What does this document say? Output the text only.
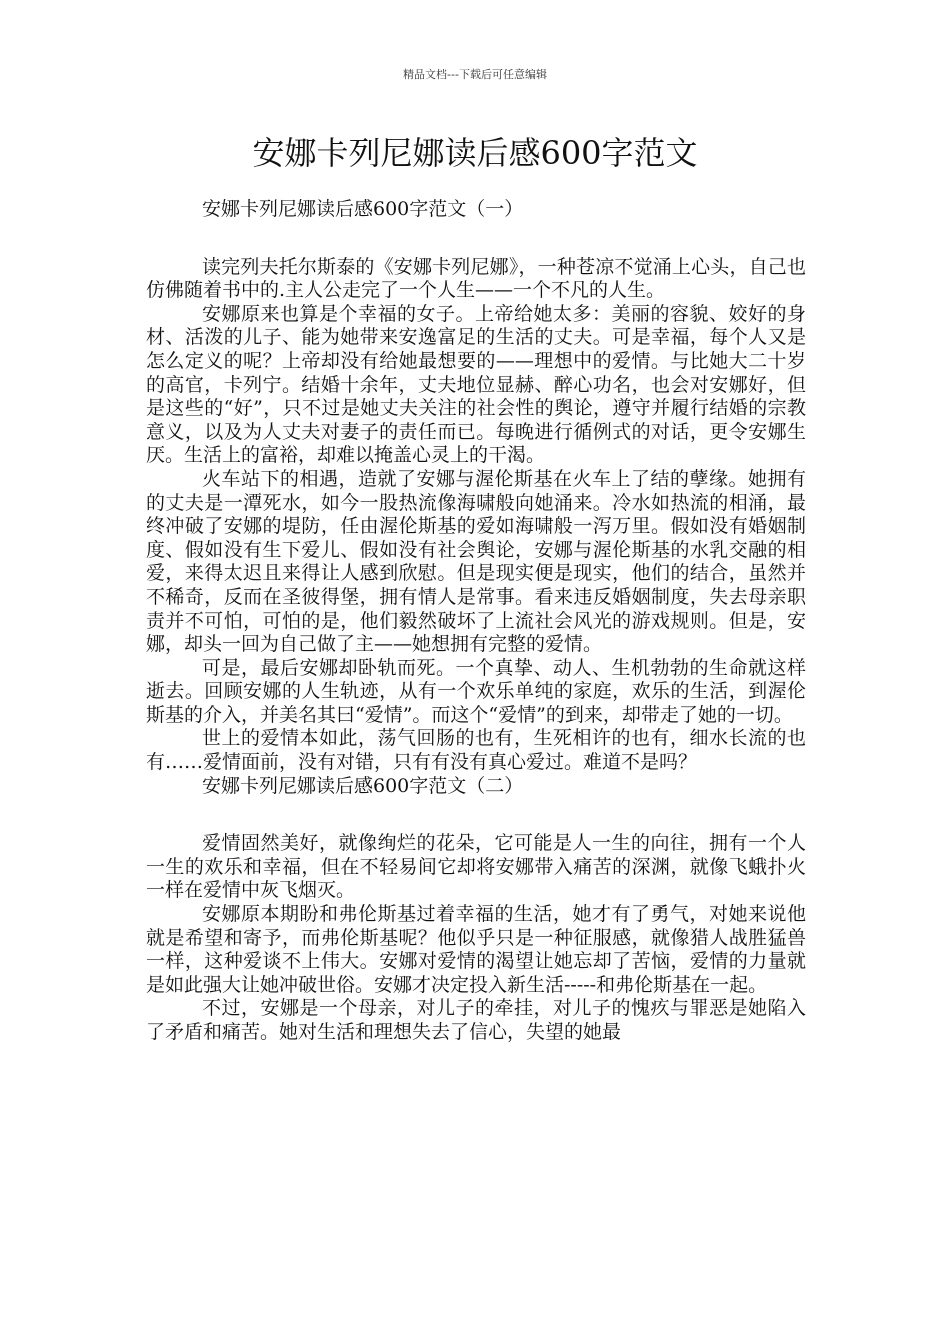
精品文档---下载后可任意编辑
安娜卡列尼娜读后感600字范文

安娜卡列尼娜读后感600字范文（一）

读完列夫托尔斯泰的《安娜卡列尼娜》，一种苍凉不觉涌上心头，自己也仿佛随着书中的.主人公走完了一个人生——一个不凡的人生。

安娜原来也算是个幸福的女子。上帝给她太多：美丽的容貌、姣好的身材、活泼的儿子、能为她带来安逸富足的生活的丈夫。可是幸福，每个人又是怎么定义的呢？上帝却没有给她最想要的——理想中的爱情。与比她大二十岁的高官，卡列宁。结婚十余年，丈夫地位显赫、醉心功名，也会对安娜好，但是这些的“好”，只不过是她丈夫关注的社会性的舆论，遵守并履行结婚的宗教意义，以及为人丈夫对妻子的责任而已。每晚进行循例式的对话，更令安娜生厌。生活上的富裕，却难以掩盖心灵上的干渴。

火车站下的相遇，造就了安娜与渥伦斯基在火车上了结的孽缘。她拥有的丈夫是一潭死水，如今一股热流像海啸般向她涌来。冷水如热流的相涌，最终冲破了安娜的堤防，任由渥伦斯基的爱如海啸般一泻万里。假如没有婚姻制度、假如没有生下爱儿、假如没有社会舆论，安娜与渥伦斯基的水乳交融的相爱，来得太迟且来得让人感到欣慰。但是现实便是现实，他们的结合，虽然并不稀奇，反而在圣彼得堡，拥有情人是常事。看来违反婚姻制度，失去母亲职责并不可怕，可怕的是，他们毅然破坏了上流社会风光的游戏规则。但是，安娜，却头一回为自己做了主——她想拥有完整的爱情。

可是，最后安娜却卧轨而死。一个真挚、动人、生机勃勃的生命就这样逝去。回顾安娜的人生轨迹，从有一个欢乐单纯的家庭，欢乐的生活，到渥伦斯基的介入，并美名其曰“爱情”。而这个“爱情”的到来，却带走了她的一切。

世上的爱情本如此，荡气回肠的也有，生死相许的也有，细水长流的也有……爱情面前，没有对错，只有有没有真心爱过。难道不是吗？

安娜卡列尼娜读后感600字范文（二）

爱情固然美好，就像绚烂的花朵，它可能是人一生的向往，拥有一个人一生的欢乐和幸福，但在不轻易间它却将安娜带入痛苦的深渊，就像飞蛾扑火一样在爱情中灰飞烟灭。

安娜原本期盼和弗伦斯基过着幸福的生活，她才有了勇气，对她来说他就是希望和寄予，而弗伦斯基呢？他似乎只是一种征服感，就像猎人战胜猛兽一样，这种爱谈不上伟大。安娜对爱情的渴望让她忘却了苦恼，爱情的力量就是如此强大让她冲破世俗。安娜才决定投入新生活-----和弗伦斯基在一起。

不过，安娜是一个母亲，对儿子的牵挂，对儿子的愧疚与罪恶是她陷入了矛盾和痛苦。她对生活和理想失去了信心，失望的她最
